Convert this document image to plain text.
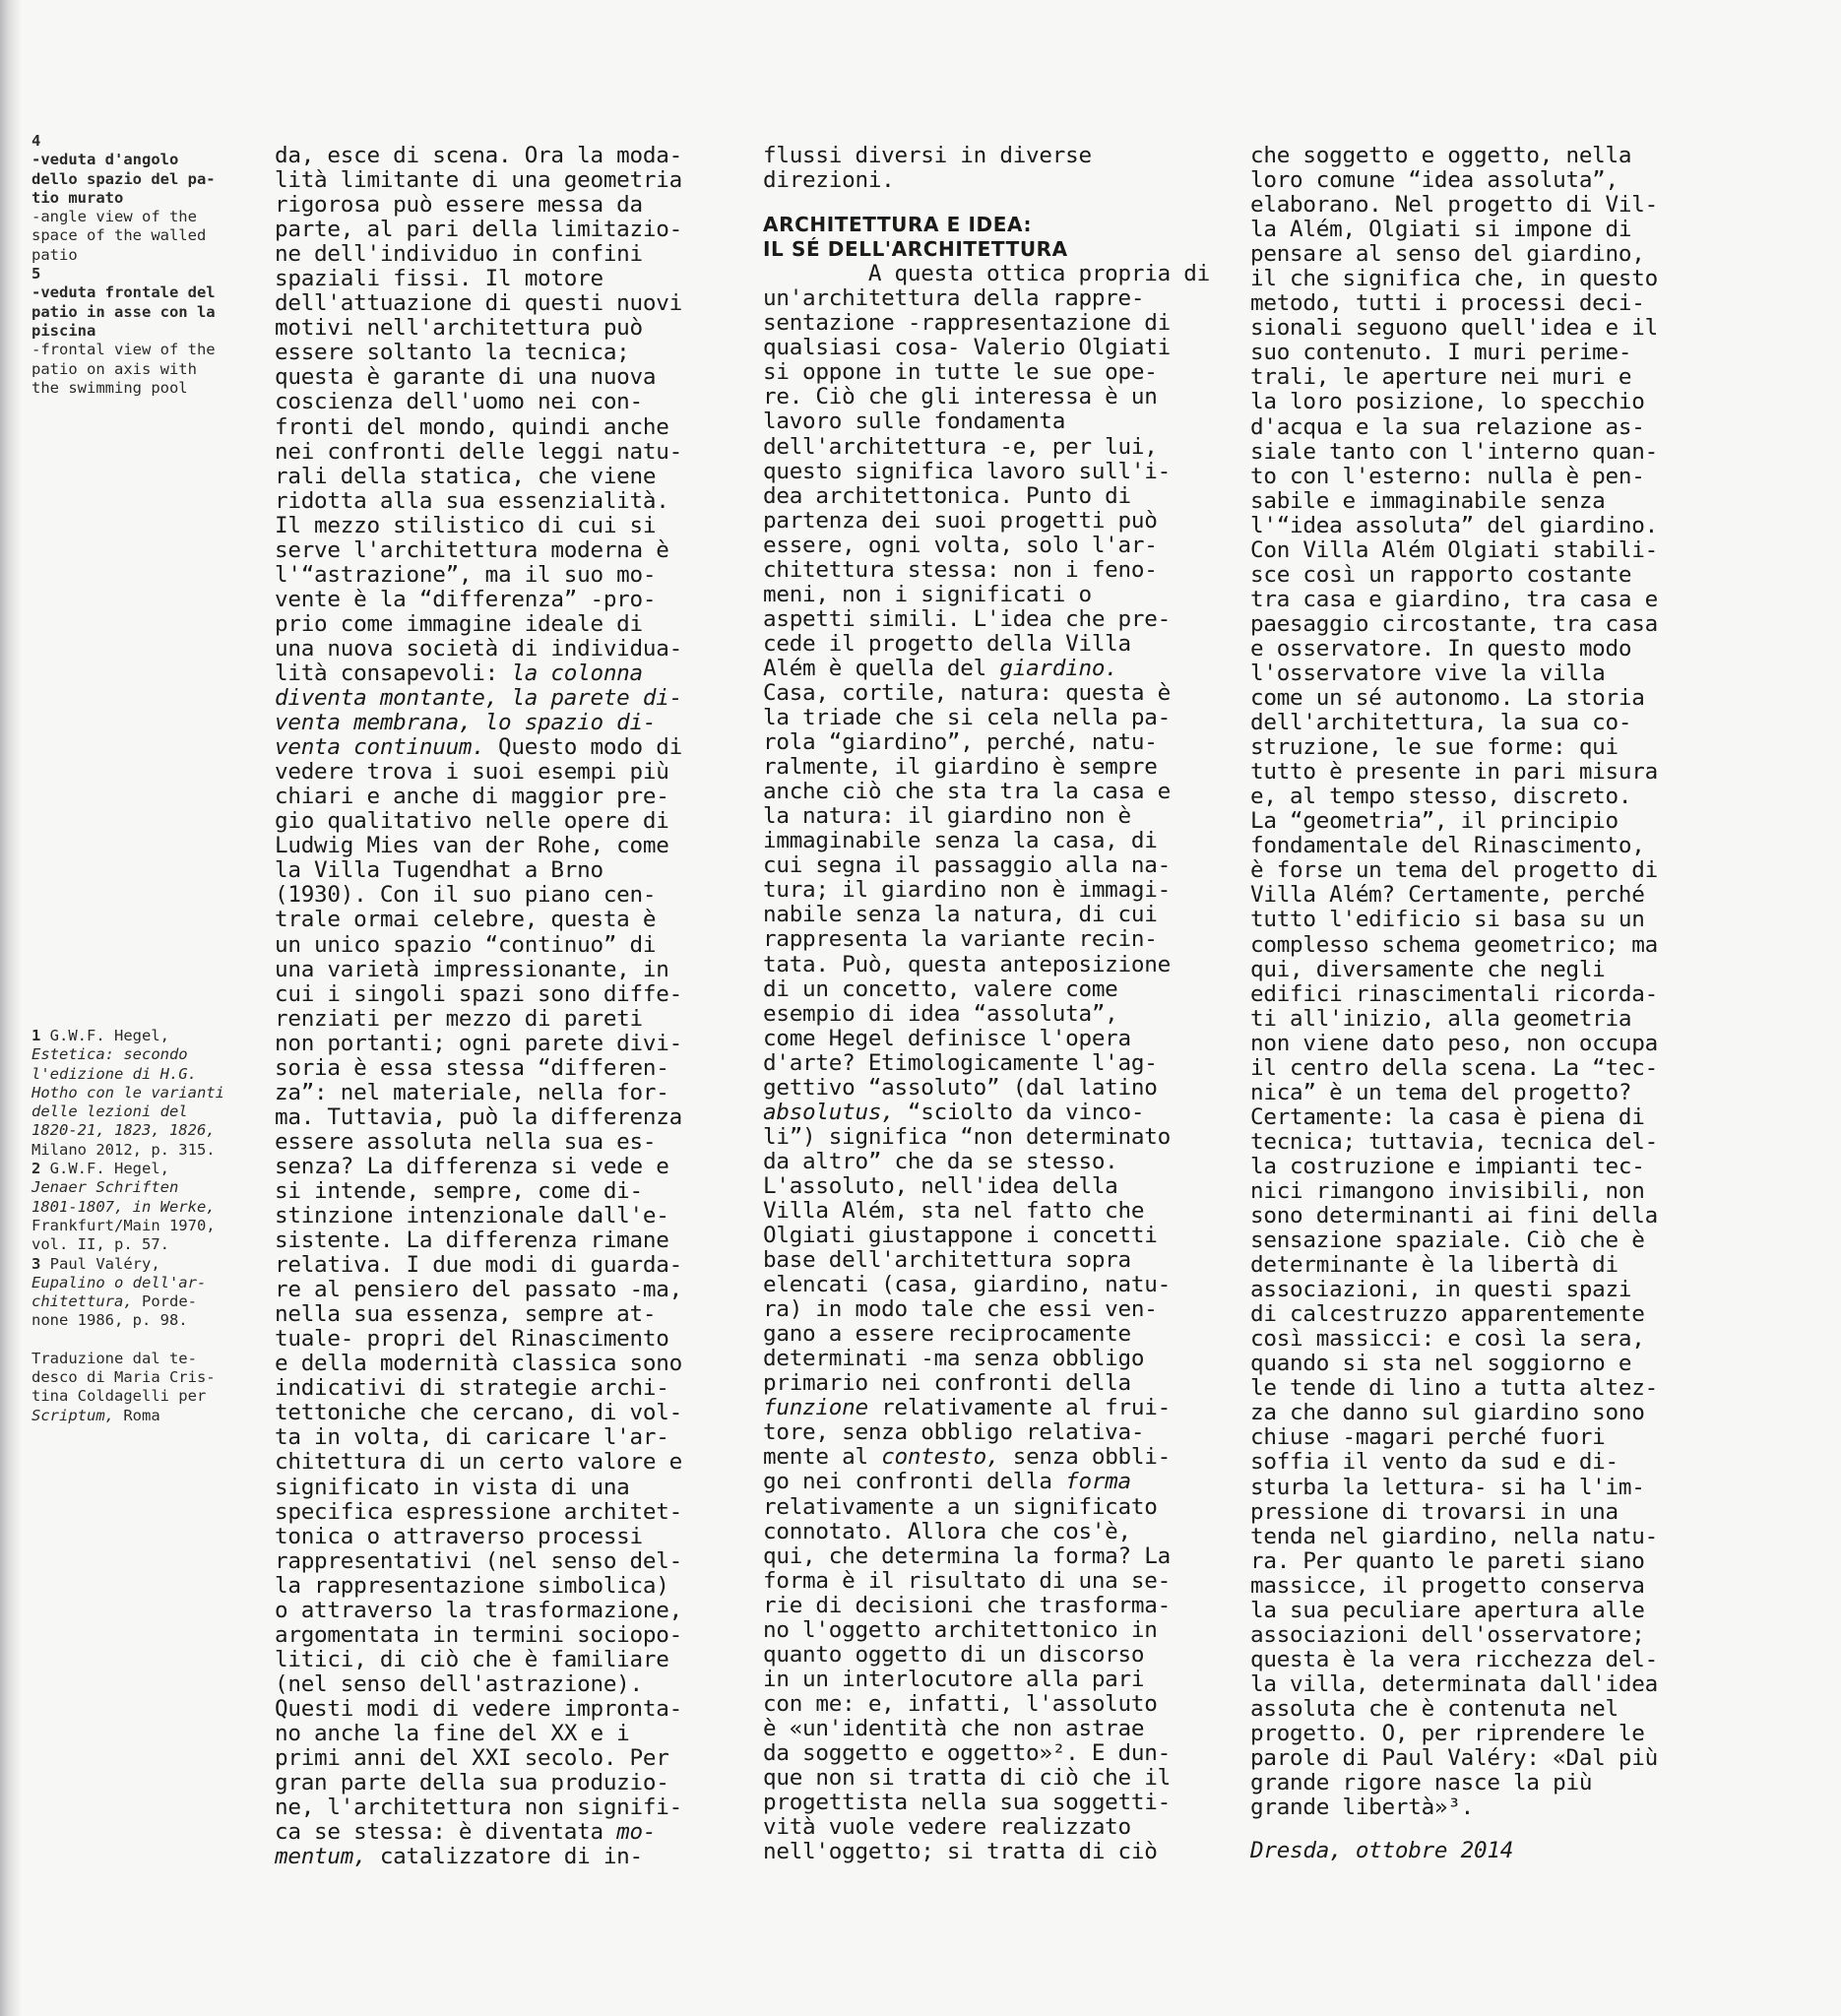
4
-veduta d'angolo
dello spazio del pa-
tio murato
-angle view of the
space of the walled
patio
5
-veduta frontale del
patio in asse con la
piscina
-frontal view of the
patio on axis with
the swimming pool
1 G.W.F. Hegel,
Estetica: secondo
l'edizione di H.G.
Hotho con le varianti
delle lezioni del
1820-21, 1823, 1826,
Milano 2012, p. 315.
2 G.W.F. Hegel,
Jenaer Schriften
1801-1807, in Werke,
Frankfurt/Main 1970,
vol. II, p. 57.
3 Paul Valéry,
Eupalino o dell'ar-
chitettura, Porde-
none 1986, p. 98.
Traduzione dal te-
desco di Maria Cris-
tina Coldagelli per
Scriptum, Roma
da, esce di scena. Ora la moda-
lità limitante di una geometria
rigorosa può essere messa da
parte, al pari della limitazio-
ne dell'individuo in confini
spaziali fissi. Il motore
dell'attuazione di questi nuovi
motivi nell'architettura può
essere soltanto la tecnica;
questa è garante di una nuova
coscienza dell'uomo nei con-
fronti del mondo, quindi anche
nei confronti delle leggi natu-
rali della statica, che viene
ridotta alla sua essenzialità.
Il mezzo stilistico di cui si
serve l'architettura moderna è
l'“astrazione”, ma il suo mo-
vente è la “differenza” -pro-
prio come immagine ideale di
una nuova società di individua-
lità consapevoli: la colonna
diventa montante, la parete di-
venta membrana, lo spazio di-
venta continuum. Questo modo di
vedere trova i suoi esempi più
chiari e anche di maggior pre-
gio qualitativo nelle opere di
Ludwig Mies van der Rohe, come
la Villa Tugendhat a Brno
(1930). Con il suo piano cen-
trale ormai celebre, questa è
un unico spazio “continuo” di
una varietà impressionante, in
cui i singoli spazi sono diffe-
renziati per mezzo di pareti
non portanti; ogni parete divi-
soria è essa stessa “differen-
za”: nel materiale, nella for-
ma. Tuttavia, può la differenza
essere assoluta nella sua es-
senza? La differenza si vede e
si intende, sempre, come di-
stinzione intenzionale dall'e-
sistente. La differenza rimane
relativa. I due modi di guarda-
re al pensiero del passato -ma,
nella sua essenza, sempre at-
tuale- propri del Rinascimento
e della modernità classica sono
indicativi di strategie archi-
tettoniche che cercano, di vol-
ta in volta, di caricare l'ar-
chitettura di un certo valore e
significato in vista di una
specifica espressione architet-
tonica o attraverso processi
rappresentativi (nel senso del-
la rappresentazione simbolica)
o attraverso la trasformazione,
argomentata in termini sociopo-
litici, di ciò che è familiare
(nel senso dell'astrazione).
Questi modi di vedere improntа-
no anche la fine del XX e i
primi anni del XXI secolo. Per
gran parte della sua produzio-
ne, l'architettura non signifi-
ca se stessa: è diventata mo-
mentum, catalizzatore di in-
flussi diversi in diverse
direzioni.
ARCHITETTURA E IDEA:
IL SÉ DELL'ARCHITETTURA
A questa ottica propria di
un'architettura della rappre-
sentazione -rappresentazione di
qualsiasi cosa- Valerio Olgiati
si oppone in tutte le sue ope-
re. Ciò che gli interessa è un
lavoro sulle fondamenta
dell'architettura -e, per lui,
questo significa lavoro sull'i-
dea architettonica. Punto di
partenza dei suoi progetti può
essere, ogni volta, solo l'ar-
chitettura stessa: non i feno-
meni, non i significati o
aspetti simili. L'idea che pre-
cede il progetto della Villa
Além è quella del giardino.
Casa, cortile, natura: questa è
la triade che si cela nella pa-
rola “giardino”, perché, natu-
ralmente, il giardino è sempre
anche ciò che sta tra la casa e
la natura: il giardino non è
immaginabile senza la casa, di
cui segna il passaggio alla na-
tura; il giardino non è immagi-
nabile senza la natura, di cui
rappresenta la variante recin-
tata. Può, questa anteposizione
di un concetto, valere come
esempio di idea “assoluta”,
come Hegel definisce l'opera
d'arte? Etimologicamente l'ag-
gettivo “assoluto” (dal latino
absolutus, “sciolto da vinco-
li”) significa “non determinato
da altro” che da se stesso.
L'assoluto, nell'idea della
Villa Além, sta nel fatto che
Olgiati giustappone i concetti
base dell'architettura sopra
elencati (casa, giardino, natu-
ra) in modo tale che essi ven-
gano a essere reciprocamente
determinati -ma senza obbligo
primario nei confronti della
funzione relativamente al frui-
tore, senza obbligo relativa-
mente al contesto, senza obbli-
go nei confronti della forma
relativamente a un significato
connotato. Allora che cos'è,
qui, che determina la forma? La
forma è il risultato di una se-
rie di decisioni che trasforma-
no l'oggetto architettonico in
quanto oggetto di un discorso
in un interlocutore alla pari
con me: e, infatti, l'assoluto
è «un'identità che non astrae
da soggetto e oggetto»². E dun-
que non si tratta di ciò che il
progettista nella sua soggetti-
vità vuole vedere realizzato
nell'oggetto; si tratta di ciò
che soggetto e oggetto, nella
loro comune “idea assoluta”,
elaborano. Nel progetto di Vil-
la Além, Olgiati si impone di
pensare al senso del giardino,
il che significa che, in questo
metodo, tutti i processi deci-
sionali seguono quell'idea e il
suo contenuto. I muri perime-
trali, le aperture nei muri e
la loro posizione, lo specchio
d'acqua e la sua relazione as-
siale tanto con l'interno quan-
to con l'esterno: nulla è pen-
sabile e immaginabile senza
l'“idea assoluta” del giardino.
Con Villa Além Olgiati stabili-
sce così un rapporto costante
tra casa e giardino, tra casa e
paesaggio circostante, tra casa
e osservatore. In questo modo
l'osservatore vive la villa
come un sé autonomo. La storia
dell'architettura, la sua co-
struzione, le sue forme: qui
tutto è presente in pari misura
e, al tempo stesso, discreto.
La “geometria”, il principio
fondamentale del Rinascimento,
è forse un tema del progetto di
Villa Além? Certamente, perché
tutto l'edificio si basa su un
complesso schema geometrico; ma
qui, diversamente che negli
edifici rinascimentali ricorda-
ti all'inizio, alla geometria
non viene dato peso, non occupa
il centro della scena. La “tec-
nica” è un tema del progetto?
Certamente: la casa è piena di
tecnica; tuttavia, tecnica del-
la costruzione e impianti tec-
nici rimangono invisibili, non
sono determinanti ai fini della
sensazione spaziale. Ciò che è
determinante è la libertà di
associazioni, in questi spazi
di calcestruzzo apparentemente
così massicci: e così la sera,
quando si sta nel soggiorno e
le tende di lino a tutta altez-
za che danno sul giardino sono
chiuse -magari perché fuori
soffia il vento da sud e di-
sturba la lettura- si ha l'im-
pressione di trovarsi in una
tenda nel giardino, nella natu-
ra. Per quanto le pareti siano
massicce, il progetto conserva
la sua peculiare apertura alle
associazioni dell'osservatore;
questa è la vera ricchezza del-
la villa, determinata dall'idea
assoluta che è contenuta nel
progetto. O, per riprendere le
parole di Paul Valéry: «Dal più
grande rigore nasce la più
grande libertà»³.
Dresda, ottobre 2014
